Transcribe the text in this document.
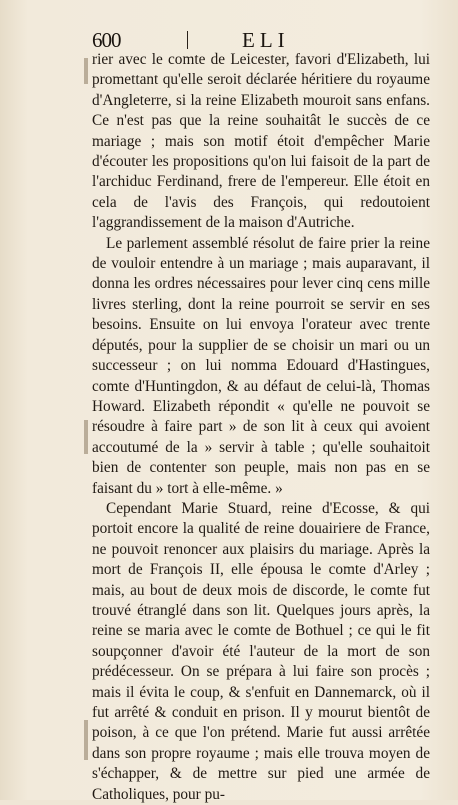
600	ELI

rier avec le comte de Leicester, favori d'Elizabeth, lui promettant qu'elle seroit déclarée héritiere du royaume d'Angleterre, si la reine Elizabeth mouroit sans enfans. Ce n'est pas que la reine souhaitât le succès de ce mariage ; mais son motif étoit d'empêcher Marie d'écouter les propositions qu'on lui faisoit de la part de l'archiduc Ferdinand, frere de l'empereur. Elle étoit en cela de l'avis des François, qui redoutoient l'aggrandissement de la maison d'Autriche.

Le parlement assemblé résolut de faire prier la reine de vouloir entendre à un mariage ; mais auparavant, il donna les ordres nécessaires pour lever cinq cens mille livres sterling, dont la reine pourroit se servir en ses besoins. Ensuite on lui envoya l'orateur avec trente députés, pour la supplier de se choisir un mari ou un successeur ; on lui nomma Edouard d'Hastingues, comte d'Huntingdon, & au défaut de celui-là, Thomas Howard. Elizabeth répondit « qu'elle ne pouvoit se résoudre à faire part » de son lit à ceux qui avoient accoutumé de la » servir à table ; qu'elle souhaitoit bien de contenter son peuple, mais non pas en se faisant du » tort à elle-même. »

Cependant Marie Stuard, reine d'Ecosse, & qui portoit encore la qualité de reine douairiere de France, ne pouvoit renoncer aux plaisirs du mariage. Après la mort de François II, elle épousa le comte d'Arley ; mais, au bout de deux mois de discorde, le comte fut trouvé étranglé dans son lit. Quelques jours après, la reine se maria avec le comte de Bothuel ; ce qui le fit soupçonner d'avoir été l'auteur de la mort de son prédécesseur. On se prépara à lui faire son procès ; mais il évita le coup, & s'enfuit en Dannemarck, où il fut arrêté & conduit en prison. Il y mourut bientôt de poison, à ce que l'on prétend. Marie fut aussi arrêtée dans son propre royaume ; mais elle trouva moyen de s'échapper, & de mettre sur pied une armée de Catholiques, pour pu-
